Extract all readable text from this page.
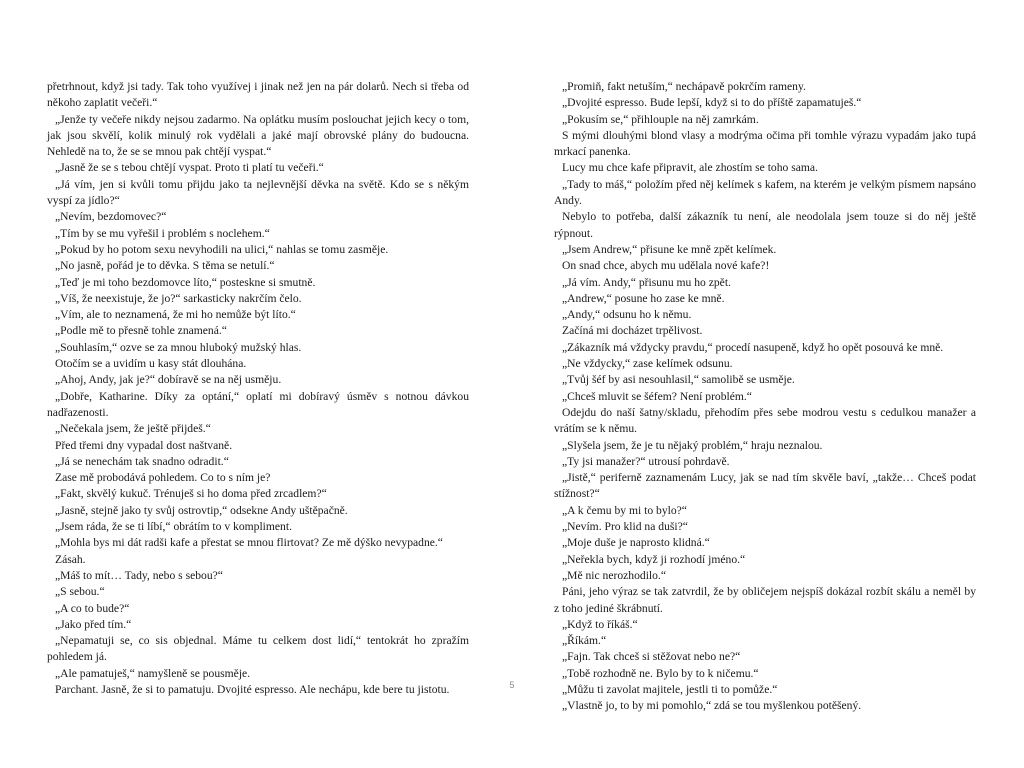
přetrhnout, když jsi tady. Tak toho využívej i jinak než jen na pár dolarů. Nech si třeba od někoho zaplatit večeři.“

„Jenže ty večeře nikdy nejsou zadarmo. Na oplátku musím poslouchat jejich kecy o tom, jak jsou skvělí, kolik minulý rok vydělali a jaké mají obrovské plány do budoucna. Nehledě na to, že se se mnou pak chtějí vyspat.“

„Jasně že se s tebou chtějí vyspat. Proto ti platí tu večeři.“

„Já vím, jen si kvůli tomu přijdu jako ta nejlevnější děvka na světě. Kdo se s někým vyspí za jídlo?“

„Nevím, bezdomovec?“

„Tím by se mu vyřešil i problém s noclehem.“

„Pokud by ho potom sexu nevyhodili na ulici,“ nahlas se tomu zasměje.

„No jasně, pořád je to děvka. S těma se netulí.“

„Teď je mi toho bezdomovce líto,“ posteskne si smutně.

„Víš, že neexistuje, že jo?“ sarkasticky nakrčím čelo.

„Vím, ale to neznamená, že mi ho nemůže být líto.“

„Podle mě to přesně tohle znamená.“

„Souhlasím,“ ozve se za mnou hluboký mužský hlas.

Otočím se a uvidím u kasy stát dlouhána.

„Ahoj, Andy, jak je?“ dobíravě se na něj usměju.

„Dobře, Katharine. Díky za optání,“ oplatí mi dobíravý úsměv s notnou dávkou nadřazenosti.

„Nečekala jsem, že ještě přijdeš.“

Před třemi dny vypadal dost naštvaně.

„Já se nenechám tak snadno odradit.“

Zase mě probodává pohledem. Co to s ním je?

„Fakt, skvělý kukuč. Trénuješ si ho doma před zrcadlem?“

„Jasně, stejně jako ty svůj ostrovtip,“ odsekne Andy uštěpačně.

„Jsem ráda, že se ti líbí,“ obrátím to v kompliment.

„Mohla bys mi dát radši kafe a přestat se mnou flirtovat? Ze mě dýško nevypadne.“

Zásah.

„Máš to mít… Tady, nebo s sebou?“

„S sebou.“

„A co to bude?“

„Jako před tím.“

„Nepamatuji se, co sis objednal. Máme tu celkem dost lidí,“ tentokrát ho zpražím pohledem já.

„Ale pamatuješ,“ namyšleně se pousměje.

Parchant. Jasně, že si to pamatuju. Dvojité espresso. Ale nechápu, kde bere tu jistotu.

„Promiň, fakt netuším,“ nechápavě pokrčím rameny.

„Dvojité espresso. Bude lepší, když si to do příště zapamatuješ.“

„Pokusím se,“ přihlouple na něj zamrkám.

S mými dlouhými blond vlasy a modrýma očima při tomhle výrazu vypadám jako tupá mrkací panenka.

Lucy mu chce kafe připravit, ale zhostím se toho sama.

„Tady to máš,“ položím před něj kelímek s kafem, na kterém je velkým písmem napsáno Andy.

Nebylo to potřeba, další zákazník tu není, ale neodolala jsem touze si do něj ještě rýpnout.

„Jsem Andrew,“ přisune ke mně zpět kelímek.

On snad chce, abych mu udělala nové kafe?!

„Já vím. Andy,“ přisunu mu ho zpět.

„Andrew,“ posune ho zase ke mně.

„Andy,“ odsunu ho k němu.

Začíná mi docházet trpělivost.

„Zákazník má vždycky pravdu,“ procedí nasupeně, když ho opět posouvá ke mně.

„Ne vždycky,“ zase kelímek odsunu.

„Tvůj šéf by asi nesouhlasil,“ samolibě se usměje.

„Chceš mluvit se šéfem? Není problém.“

Odejdu do naší šatny/skladu, přehodím přes sebe modrou vestu s cedulkou manažer a vrátím se k němu.

„Slyšela jsem, že je tu nějaký problém,“ hraju neznalou.

„Ty jsi manažer?“ utrousí pohrdavě.

„Jistě,“ periferně zaznamenám Lucy, jak se nad tím skvěle baví, „takže… Chceš podat stížnost?“

„A k čemu by mi to bylo?“

„Nevím. Pro klid na duši?“

„Moje duše je naprosto klidná.“

„Neřekla bych, když ji rozhodí jméno.“

„Mě nic nerozhodilo.“

Páni, jeho výraz se tak zatvrdil, že by obličejem nejspíš dokázal rozbít skálu a neměl by z toho jediné škrábnutí.

„Když to říkáš.“

„Říkám.“

„Fajn. Tak chceš si stěžovat nebo ne?“

„Tobě rozhodně ne. Bylo by to k ničemu.“

„Můžu ti zavolat majitele, jestli ti to pomůže.“

„Vlastně jo, to by mi pomohlo,“ zdá se tou myšlenkou potěšený.

5
